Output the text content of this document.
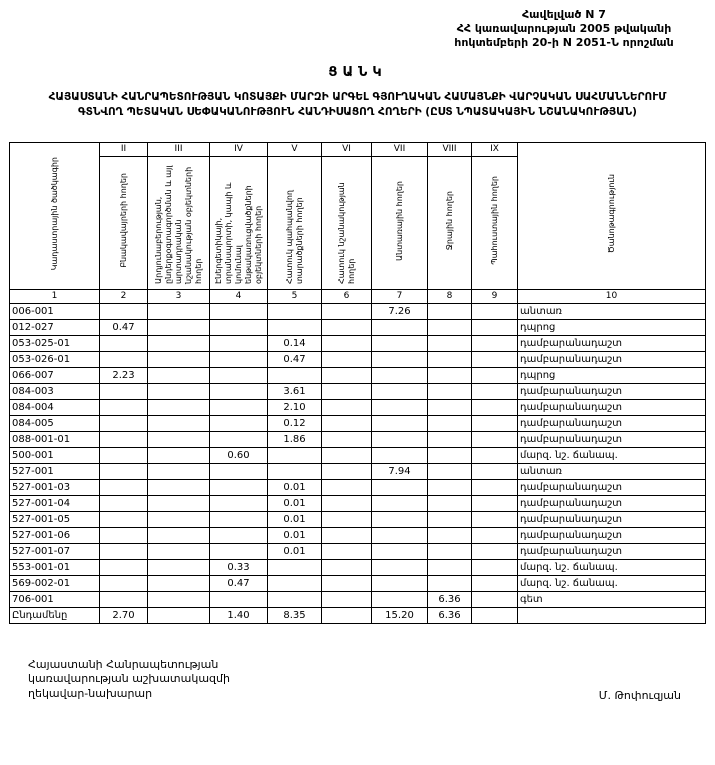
Հավելված N 7
ՀՀ կառավարության 2005 թվականի
հոկտեմբերի 20-ի N 2051-Ն որոշման
ՑԱՆԿ
ՀԱՅԱՍՏԱՆԻ ՀԱՆՐԱՊԵՏՈՒԹՅԱՆ ԿՈՏԱՅՔԻ ՄԱՐԶԻ ԱՐԳԵԼ ԳՅՈՒՂԱԿԱՆ ՀԱՄԱՅՆՔԻ ՎԱՐՉԱԿԱՆ ՍԱՀՄԱՆՆԵՐՈՒՄ ԳՏՆՎՈՂ ՊԵՏԱԿԱՆ ՍԵՓԱԿԱՆՈՒԹՅՈՒՆ ՀԱՆԴԻՍԱՑՈՂ ՀՈՂԵՐԻ (ԸՍՏ ՆՊԱՏԱԿԱՅԻՆ ՆՇԱՆԱԿՈՒԹՅԱՆ)
Կադաստրային ծածկագիր	II	III	IV	V	VI	VII	VIII	IX	Ծանոթագրություն
	Բնակավայրերի հողեր	Արդյունաբերության, ընդերքօգտագործման և այլ արտադրական նշանակության օբյեկտների հողեր	Էներգետիկայի, տրանսպորտի, կապի և կոմունալ ենթակառուցվածքների օբյեկտների հողեր	Հատուկ պահպանվող տարածքների հողեր	Հատուկ նշանակության հողեր	Անտառային հողեր	Ջրային հողեր	Պահուստային հողեր	
1	2	3	4	5	6	7	8	9	10
006-001						7.26			անտառ
012-027	0.47								դպրոց
053-025-01				0.14					դամբարանադաշտ
053-026-01				0.47					դամբարանադաշտ
066-007	2.23								դպրոց
084-003				3.61					դամբարանադաշտ
084-004				2.10					դամբարանադաշտ
084-005				0.12					դամբարանադաշտ
088-001-01				1.86					դամբարանադաշտ
500-001			0.60						մարզ. նշ. ճանապ.
527-001						7.94			անտառ
527-001-03				0.01					դամբարանադաշտ
527-001-04				0.01					դամբարանադաշտ
527-001-05				0.01					դամբարանադաշտ
527-001-06				0.01					դամբարանադաշտ
527-001-07				0.01					դամբարանադաշտ
553-001-01			0.33						մարզ. նշ. ճանապ.
569-002-01			0.47						մարզ. նշ. ճանապ.
706-001							6.36		գետ
Ընդամենը	2.70		1.40	8.35		15.20	6.36		
Հայաստանի Հանրապետության
կառավարության աշխատակազմի
ղեկավար-նախարար	Մ. Թոփուզյան
